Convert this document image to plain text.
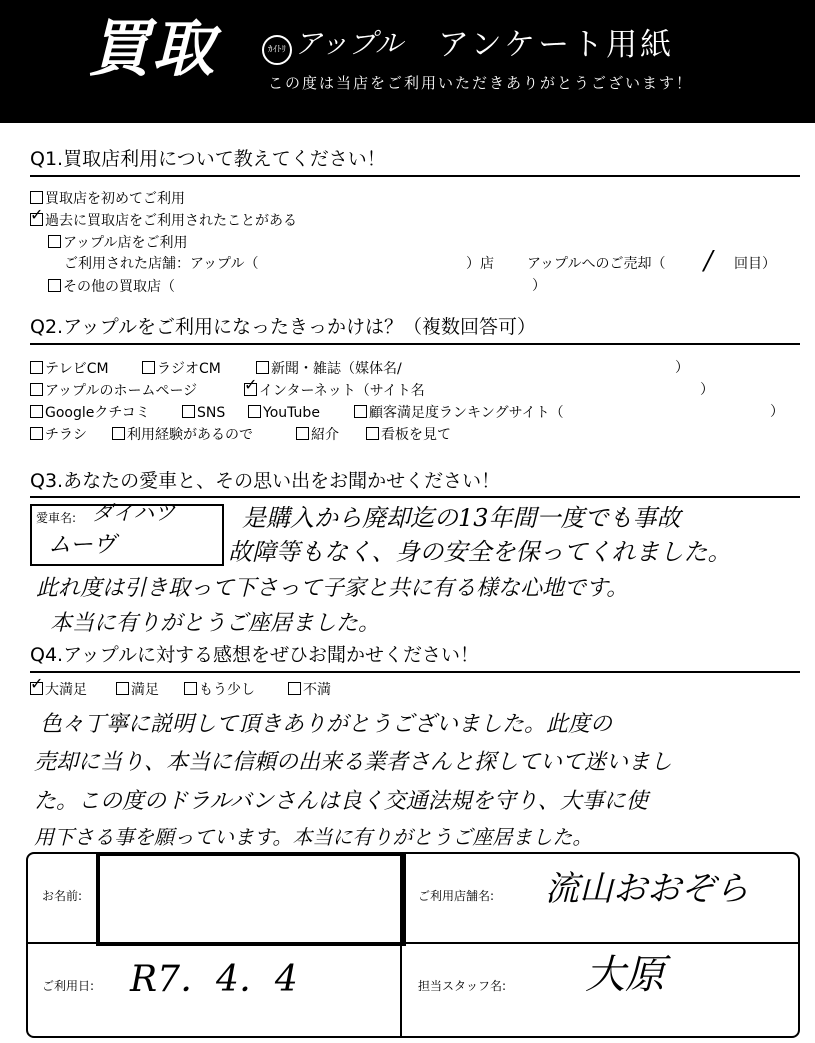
買取	ｶｲﾄﾘ アップル アンケート用紙
この度は当店をご利用いただきありがとうございます！
Q1.買取店利用について教えてください！
買取店を初めてご利用
✓過去に買取店をご利用されたことがある
アップル店をご利用
ご利用された店舗：アップル（	）店 アップルへのご売却（ / 回目）
その他の買取店（	）
Q2.アップルをご利用になったきっかけは？（複数回答可）
テレビCM	ラジオCM	新聞・雑誌（媒体名/	）
アップルのホームページ
✓	インターネット（サイト名	）
Googleクチコミ	SNS	YouTube	顧客満足度ランキングサイト（	）
チラシ	利用経験があるので	紹介	看板を見て
Q3.あなたの愛車と、その思い出をお聞かせください！
愛車名: ダイハツ
ムーヴ
是購入から廃却迄の13年間一度でも事故
故障等もなく、身の安全を保ってくれました。
此れ度は引き取って下さって子家と共に有る様な心地です。
本当に有りがとうご座居ました。
Q4.アップルに対する感想をぜひお聞かせください！
✓大満足	満足	もう少し	不満
色々丁寧に説明して頂きありがとうございました。此度の
売却に当り、本当に信頼の出来る業者さんと探していて迷いまし
た。この度のドラルバンさんは良く交通法規を守り、大事に使
用下さる事を願っています。本当に有りがとうご座居ました。
お名前:	ご利用店舗名: 流山おおぞら
ご利用日: R7．4．4	担当スタッフ名: 大原
